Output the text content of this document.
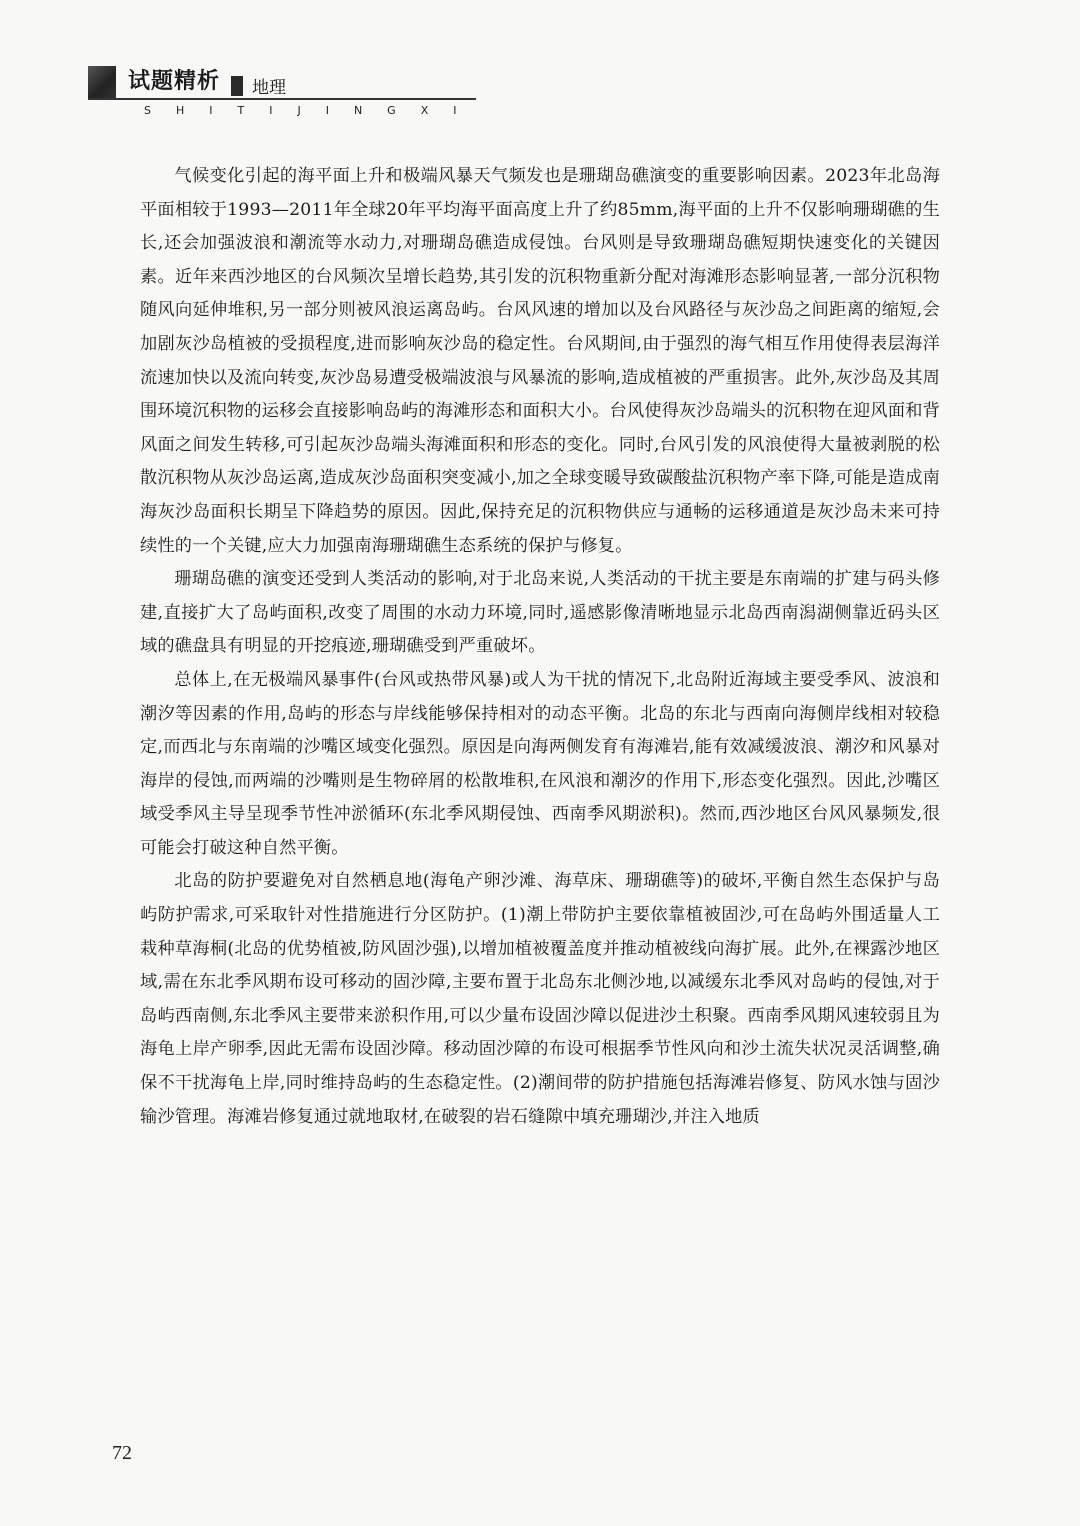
试题精析 地理
SHITIJINGXI

气候变化引起的海平面上升和极端风暴天气频发也是珊瑚岛礁演变的重要影响因素。2023年北岛海平面相较于1993—2011年全球20年平均海平面高度上升了约85mm,海平面的上升不仅影响珊瑚礁的生长,还会加强波浪和潮流等水动力,对珊瑚岛礁造成侵蚀。台风则是导致珊瑚岛礁短期快速变化的关键因素。近年来西沙地区的台风频次呈增长趋势,其引发的沉积物重新分配对海滩形态影响显著,一部分沉积物随风向延伸堆积,另一部分则被风浪运离岛屿。台风风速的增加以及台风路径与灰沙岛之间距离的缩短,会加剧灰沙岛植被的受损程度,进而影响灰沙岛的稳定性。台风期间,由于强烈的海气相互作用使得表层海洋流速加快以及流向转变,灰沙岛易遭受极端波浪与风暴流的影响,造成植被的严重损害。此外,灰沙岛及其周围环境沉积物的运移会直接影响岛屿的海滩形态和面积大小。台风使得灰沙岛端头的沉积物在迎风面和背风面之间发生转移,可引起灰沙岛端头海滩面积和形态的变化。同时,台风引发的风浪使得大量被剥脱的松散沉积物从灰沙岛运离,造成灰沙岛面积突变减小,加之全球变暖导致碳酸盐沉积物产率下降,可能是造成南海灰沙岛面积长期呈下降趋势的原因。因此,保持充足的沉积物供应与通畅的运移通道是灰沙岛未来可持续性的一个关键,应大力加强南海珊瑚礁生态系统的保护与修复。

珊瑚岛礁的演变还受到人类活动的影响,对于北岛来说,人类活动的干扰主要是东南端的扩建与码头修建,直接扩大了岛屿面积,改变了周围的水动力环境,同时,遥感影像清晰地显示北岛西南潟湖侧靠近码头区域的礁盘具有明显的开挖痕迹,珊瑚礁受到严重破坏。

总体上,在无极端风暴事件(台风或热带风暴)或人为干扰的情况下,北岛附近海域主要受季风、波浪和潮汐等因素的作用,岛屿的形态与岸线能够保持相对的动态平衡。北岛的东北与西南向海侧岸线相对较稳定,而西北与东南端的沙嘴区域变化强烈。原因是向海两侧发育有海滩岩,能有效减缓波浪、潮汐和风暴对海岸的侵蚀,而两端的沙嘴则是生物碎屑的松散堆积,在风浪和潮汐的作用下,形态变化强烈。因此,沙嘴区域受季风主导呈现季节性冲淤循环(东北季风期侵蚀、西南季风期淤积)。然而,西沙地区台风风暴频发,很可能会打破这种自然平衡。

北岛的防护要避免对自然栖息地(海龟产卵沙滩、海草床、珊瑚礁等)的破坏,平衡自然生态保护与岛屿防护需求,可采取针对性措施进行分区防护。(1)潮上带防护主要依靠植被固沙,可在岛屿外围适量人工栽种草海桐(北岛的优势植被,防风固沙强),以增加植被覆盖度并推动植被线向海扩展。此外,在裸露沙地区域,需在东北季风期布设可移动的固沙障,主要布置于北岛东北侧沙地,以减缓东北季风对岛屿的侵蚀,对于岛屿西南侧,东北季风主要带来淤积作用,可以少量布设固沙障以促进沙土积聚。西南季风期风速较弱且为海龟上岸产卵季,因此无需布设固沙障。移动固沙障的布设可根据季节性风向和沙土流失状况灵活调整,确保不干扰海龟上岸,同时维持岛屿的生态稳定性。(2)潮间带的防护措施包括海滩岩修复、防风水蚀与固沙输沙管理。海滩岩修复通过就地取材,在破裂的岩石缝隙中填充珊瑚沙,并注入地质

72
